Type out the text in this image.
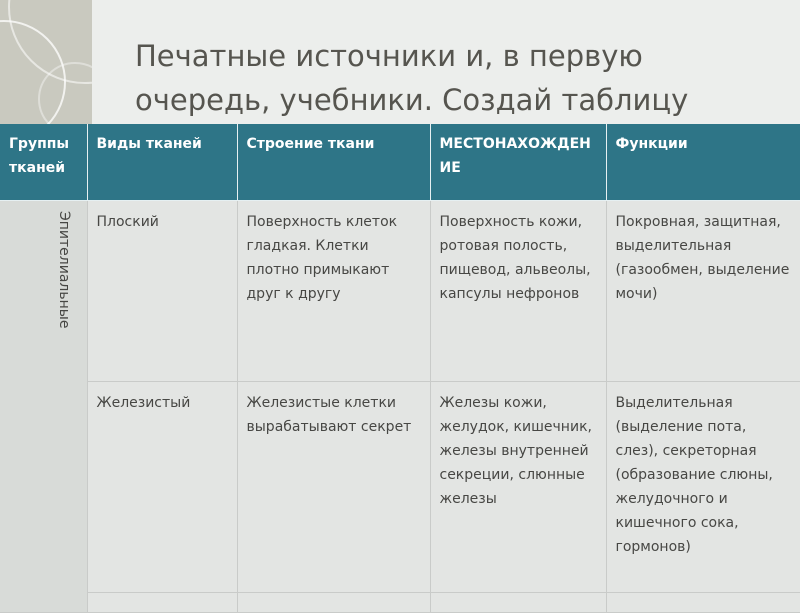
Печатные источники и, в первую очередь, учебники. Создай таблицу
Группы тканей	Виды тканей	Строение ткани	МЕСТОНАХОЖДЕНИЕ	Функции

Эпителиальные	Плоский	Поверхность клеток гладкая. Клетки плотно примыкают друг к другу	Поверхность кожи, ротовая полость, пищевод, альвеолы, капсулы нефронов	Покровная, защитная, выделительная (газообмен, выделение мочи)
	Железистый	Железистые клетки вырабатывают секрет	Железы кожи, желудок, кишечник, железы внутренней секреции, слюнные железы	Выделительная (выделение пота, слез), секреторная (образование слюны, желудочного и кишечного сока, гормонов)
